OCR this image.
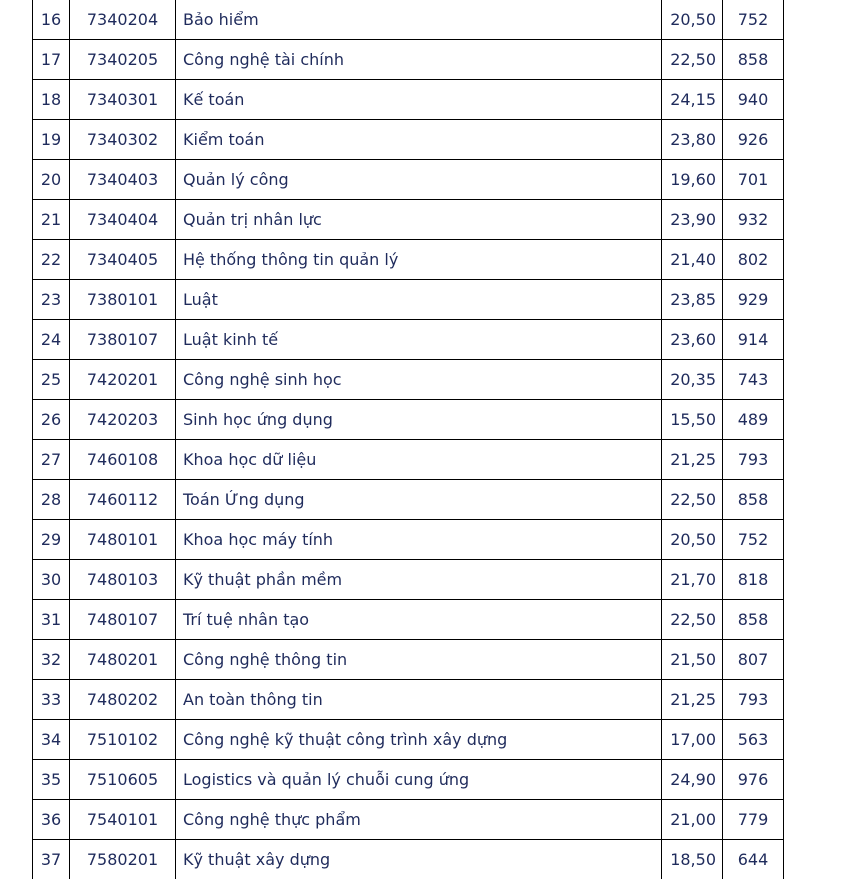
16	7340204	Bảo hiểm	20,50	752
17	7340205	Công nghệ tài chính	22,50	858
18	7340301	Kế toán	24,15	940
19	7340302	Kiểm toán	23,80	926
20	7340403	Quản lý công	19,60	701
21	7340404	Quản trị nhân lực	23,90	932
22	7340405	Hệ thống thông tin quản lý	21,40	802
23	7380101	Luật	23,85	929
24	7380107	Luật kinh tế	23,60	914
25	7420201	Công nghệ sinh học	20,35	743
26	7420203	Sinh học ứng dụng	15,50	489
27	7460108	Khoa học dữ liệu	21,25	793
28	7460112	Toán Ứng dụng	22,50	858
29	7480101	Khoa học máy tính	20,50	752
30	7480103	Kỹ thuật phần mềm	21,70	818
31	7480107	Trí tuệ nhân tạo	22,50	858
32	7480201	Công nghệ thông tin	21,50	807
33	7480202	An toàn thông tin	21,25	793
34	7510102	Công nghệ kỹ thuật công trình xây dựng	17,00	563
35	7510605	Logistics và quản lý chuỗi cung ứng	24,90	976
36	7540101	Công nghệ thực phẩm	21,00	779
37	7580201	Kỹ thuật xây dựng	18,50	644
